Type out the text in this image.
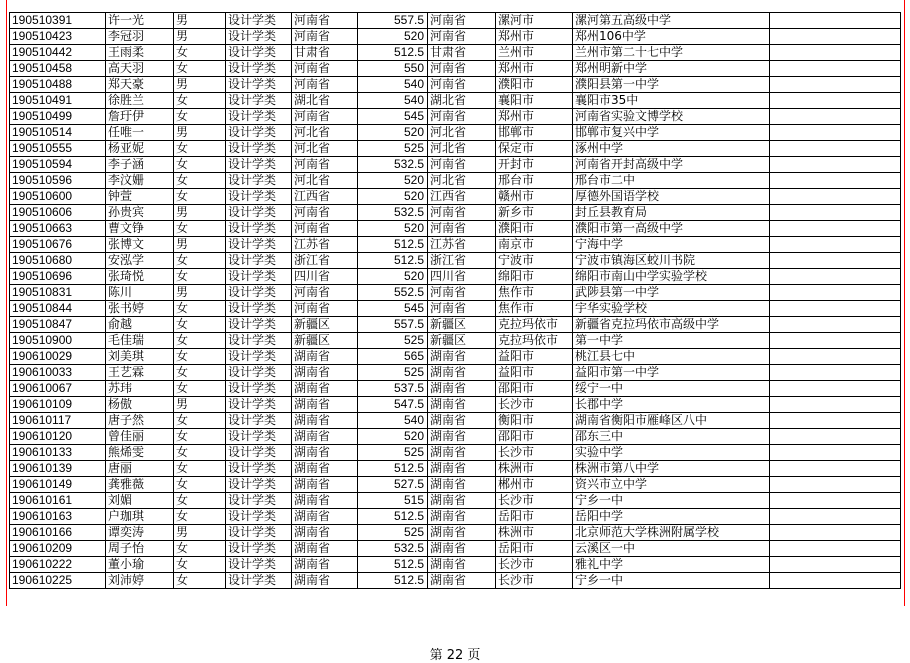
190510391	许一光	男	设计学类	河南省	557.5	河南省	漯河市	漯河第五高级中学	
190510423	李冠羽	男	设计学类	河南省	520	河南省	郑州市	郑州106中学	
190510442	王雨柔	女	设计学类	甘肃省	512.5	甘肃省	兰州市	兰州市第二十七中学	
190510458	高天羽	女	设计学类	河南省	550	河南省	郑州市	郑州明新中学	
190510488	郑天豪	男	设计学类	河南省	540	河南省	濮阳市	濮阳县第一中学	
190510491	徐胜兰	女	设计学类	湖北省	540	湖北省	襄阳市	襄阳市35中	
190510499	詹玗伊	女	设计学类	河南省	545	河南省	郑州市	河南省实验文博学校	
190510514	任唯一	男	设计学类	河北省	520	河北省	邯郸市	邯郸市复兴中学	
190510555	杨亚妮	女	设计学类	河北省	525	河北省	保定市	涿州中学	
190510594	李子涵	女	设计学类	河南省	532.5	河南省	开封市	河南省开封高级中学	
190510596	李汶姗	女	设计学类	河北省	520	河北省	邢台市	邢台市二中	
190510600	钟萱	女	设计学类	江西省	520	江西省	赣州市	厚德外国语学校	
190510606	孙贵宾	男	设计学类	河南省	532.5	河南省	新乡市	封丘县教育局	
190510663	曹文铮	女	设计学类	河南省	520	河南省	濮阳市	濮阳市第一高级中学	
190510676	张博文	男	设计学类	江苏省	512.5	江苏省	南京市	宁海中学	
190510680	安泓学	女	设计学类	浙江省	512.5	浙江省	宁波市	宁波市镇海区蛟川书院	
190510696	张琦悦	女	设计学类	四川省	520	四川省	绵阳市	绵阳市南山中学实验学校	
190510831	陈川	男	设计学类	河南省	552.5	河南省	焦作市	武陟县第一中学	
190510844	张书婷	女	设计学类	河南省	545	河南省	焦作市	宇华实验学校	
190510847	俞越	女	设计学类	新疆区	557.5	新疆区	克拉玛依市	新疆省克拉玛依市高级中学	
190510900	毛佳瑞	女	设计学类	新疆区	525	新疆区	克拉玛依市	第一中学	
190610029	刘美琪	女	设计学类	湖南省	565	湖南省	益阳市	桃江县七中	
190610033	王艺霖	女	设计学类	湖南省	525	湖南省	益阳市	益阳市第一中学	
190610067	苏玮	女	设计学类	湖南省	537.5	湖南省	邵阳市	绥宁一中	
190610109	杨傲	男	设计学类	湖南省	547.5	湖南省	长沙市	长郡中学	
190610117	唐子然	女	设计学类	湖南省	540	湖南省	衡阳市	湖南省衡阳市雁峰区八中	
190610120	曾佳丽	女	设计学类	湖南省	520	湖南省	邵阳市	邵东三中	
190610133	熊烯雯	女	设计学类	湖南省	525	湖南省	长沙市	实验中学	
190610139	唐丽	女	设计学类	湖南省	512.5	湖南省	株洲市	株洲市第八中学	
190610149	龚雅薇	女	设计学类	湖南省	527.5	湖南省	郴州市	资兴市立中学	
190610161	刘媚	女	设计学类	湖南省	515	湖南省	长沙市	宁乡一中	
190610163	户珈琪	女	设计学类	湖南省	512.5	湖南省	岳阳市	岳阳中学	
190610166	谭奕涛	男	设计学类	湖南省	525	湖南省	株洲市	北京师范大学株洲附属学校	
190610209	周子怡	女	设计学类	湖南省	532.5	湖南省	岳阳市	云溪区一中	
190610222	董小瑜	女	设计学类	湖南省	512.5	湖南省	长沙市	雅礼中学	
190610225	刘沛婷	女	设计学类	湖南省	512.5	湖南省	长沙市	宁乡一中	
第 22 页
